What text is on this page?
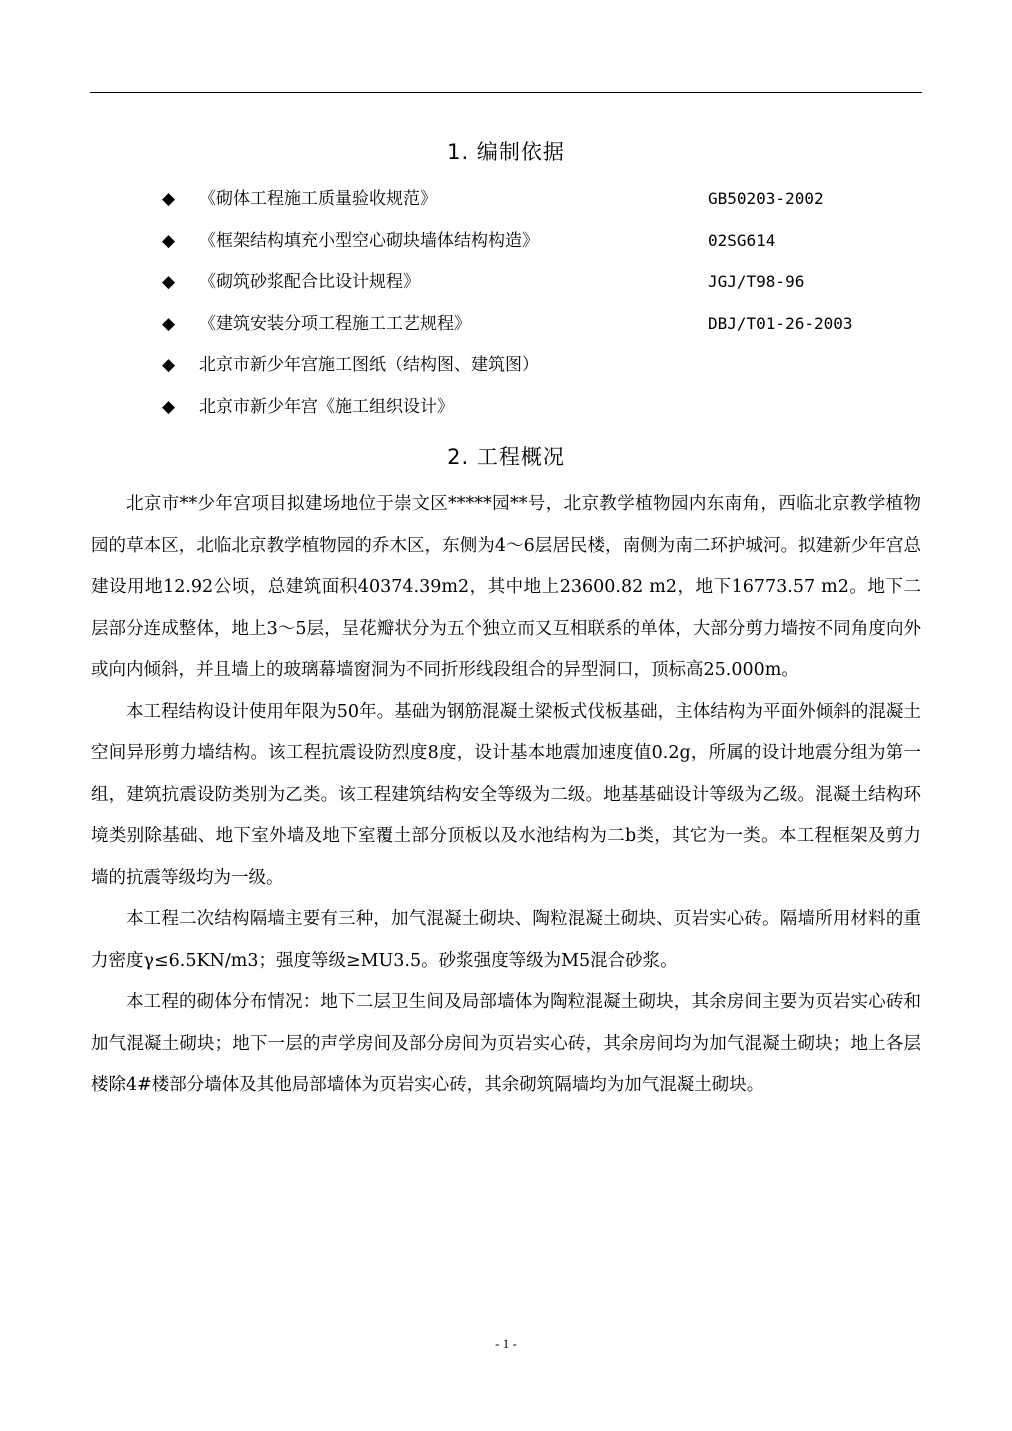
1. 编制依据
◆ 《砌体工程施工质量验收规范》	GB50203-2002
◆ 《框架结构填充小型空心砌块墙体结构构造》	02SG614
◆ 《砌筑砂浆配合比设计规程》	JGJ/T98-96
◆ 《建筑安装分项工程施工工艺规程》	DBJ/T01-26-2003
◆ 北京市新少年宫施工图纸（结构图、建筑图）
◆ 北京市新少年宫《施工组织设计》
2. 工程概况

北京市**少年宫项目拟建场地位于崇文区*****园**号，北京教学植物园内东南角，西临北京教学植物园的草本区，北临北京教学植物园的乔木区，东侧为4～6层居民楼，南侧为南二环护城河。拟建新少年宫总建设用地12.92公顷，总建筑面积40374.39m2，其中地上23600.82 m2，地下16773.57 m2。地下二层部分连成整体，地上3～5层，呈花瓣状分为五个独立而又互相联系的单体，大部分剪力墙按不同角度向外或向内倾斜，并且墙上的玻璃幕墙窗洞为不同折形线段组合的异型洞口，顶标高25.000m。

本工程结构设计使用年限为50年。基础为钢筋混凝土梁板式伐板基础，主体结构为平面外倾斜的混凝土空间异形剪力墙结构。该工程抗震设防烈度8度，设计基本地震加速度值0.2g，所属的设计地震分组为第一组，建筑抗震设防类别为乙类。该工程建筑结构安全等级为二级。地基基础设计等级为乙级。混凝土结构环境类别除基础、地下室外墙及地下室覆土部分顶板以及水池结构为二b类，其它为一类。本工程框架及剪力墙的抗震等级均为一级。

本工程二次结构隔墙主要有三种，加气混凝土砌块、陶粒混凝土砌块、页岩实心砖。隔墙所用材料的重力密度γ≤6.5KN/m3；强度等级≥MU3.5。砂浆强度等级为M5混合砂浆。

本工程的砌体分布情况：地下二层卫生间及局部墙体为陶粒混凝土砌块，其余房间主要为页岩实心砖和加气混凝土砌块；地下一层的声学房间及部分房间为页岩实心砖，其余房间均为加气混凝土砌块；地上各层楼除4#楼部分墙体及其他局部墙体为页岩实心砖，其余砌筑隔墙均为加气混凝土砌块。

- 1 -
